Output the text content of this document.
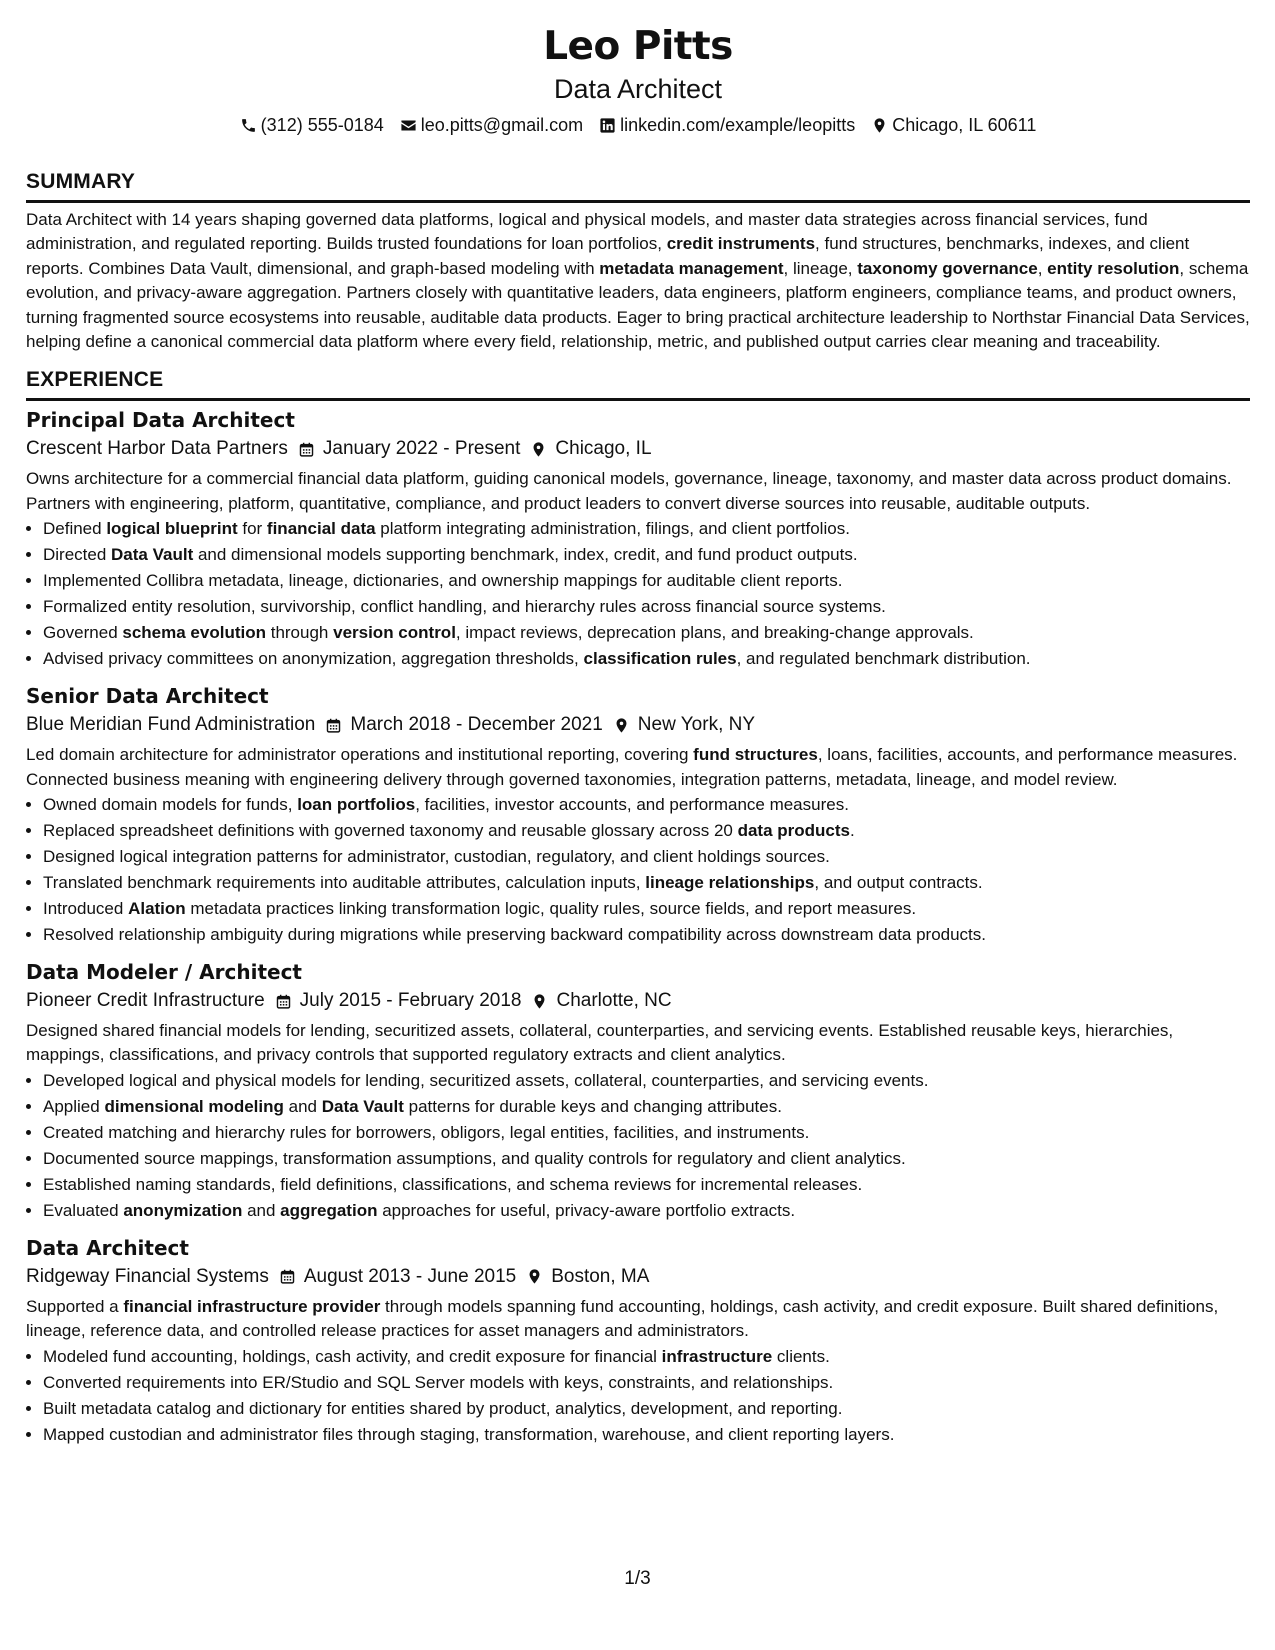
Leo Pitts
Data Architect
(312) 555-0184 leo.pitts@gmail.com linkedin.com/example/leopitts Chicago, IL 60611
SUMMARY

Data Architect with 14 years shaping governed data platforms, logical and physical models, and master data strategies across financial services, fund administration, and regulated reporting. Builds trusted foundations for loan portfolios, credit instruments, fund structures, benchmarks, indexes, and client reports. Combines Data Vault, dimensional, and graph-based modeling with metadata management, lineage, taxonomy governance, entity resolution, schema evolution, and privacy-aware aggregation. Partners closely with quantitative leaders, data engineers, platform engineers, compliance teams, and product owners, turning fragmented source ecosystems into reusable, auditable data products. Eager to bring practical architecture leadership to Northstar Financial Data Services, helping define a canonical commercial data platform where every field, relationship, metric, and published output carries clear meaning and traceability.

EXPERIENCE
Principal Data Architect
Crescent Harbor Data Partners January 2022 - Present Chicago, IL

Owns architecture for a commercial financial data platform, guiding canonical models, governance, lineage, taxonomy, and master data across product domains. Partners with engineering, platform, quantitative, compliance, and product leaders to convert diverse sources into reusable, auditable outputs.

• Defined logical blueprint for financial data platform integrating administration, filings, and client portfolios.
• Directed Data Vault and dimensional models supporting benchmark, index, credit, and fund product outputs.
• Implemented Collibra metadata, lineage, dictionaries, and ownership mappings for auditable client reports.
• Formalized entity resolution, survivorship, conflict handling, and hierarchy rules across financial source systems.
• Governed schema evolution through version control, impact reviews, deprecation plans, and breaking-change approvals.
• Advised privacy committees on anonymization, aggregation thresholds, classification rules, and regulated benchmark distribution.
Senior Data Architect
Blue Meridian Fund Administration March 2018 - December 2021 New York, NY

Led domain architecture for administrator operations and institutional reporting, covering fund structures, loans, facilities, accounts, and performance measures. Connected business meaning with engineering delivery through governed taxonomies, integration patterns, metadata, lineage, and model review.

• Owned domain models for funds, loan portfolios, facilities, investor accounts, and performance measures.
• Replaced spreadsheet definitions with governed taxonomy and reusable glossary across 20 data products.
• Designed logical integration patterns for administrator, custodian, regulatory, and client holdings sources.
• Translated benchmark requirements into auditable attributes, calculation inputs, lineage relationships, and output contracts.
• Introduced Alation metadata practices linking transformation logic, quality rules, source fields, and report measures.
• Resolved relationship ambiguity during migrations while preserving backward compatibility across downstream data products.
Data Modeler / Architect
Pioneer Credit Infrastructure July 2015 - February 2018 Charlotte, NC

Designed shared financial models for lending, securitized assets, collateral, counterparties, and servicing events. Established reusable keys, hierarchies, mappings, classifications, and privacy controls that supported regulatory extracts and client analytics.

• Developed logical and physical models for lending, securitized assets, collateral, counterparties, and servicing events.
• Applied dimensional modeling and Data Vault patterns for durable keys and changing attributes.
• Created matching and hierarchy rules for borrowers, obligors, legal entities, facilities, and instruments.
• Documented source mappings, transformation assumptions, and quality controls for regulatory and client analytics.
• Established naming standards, field definitions, classifications, and schema reviews for incremental releases.
• Evaluated anonymization and aggregation approaches for useful, privacy-aware portfolio extracts.
Data Architect
Ridgeway Financial Systems August 2013 - June 2015 Boston, MA

Supported a financial infrastructure provider through models spanning fund accounting, holdings, cash activity, and credit exposure. Built shared definitions, lineage, reference data, and controlled release practices for asset managers and administrators.

• Modeled fund accounting, holdings, cash activity, and credit exposure for financial infrastructure clients.
• Converted requirements into ER/Studio and SQL Server models with keys, constraints, and relationships.
• Built metadata catalog and dictionary for entities shared by product, analytics, development, and reporting.
• Mapped custodian and administrator files through staging, transformation, warehouse, and client reporting layers.
1/3
